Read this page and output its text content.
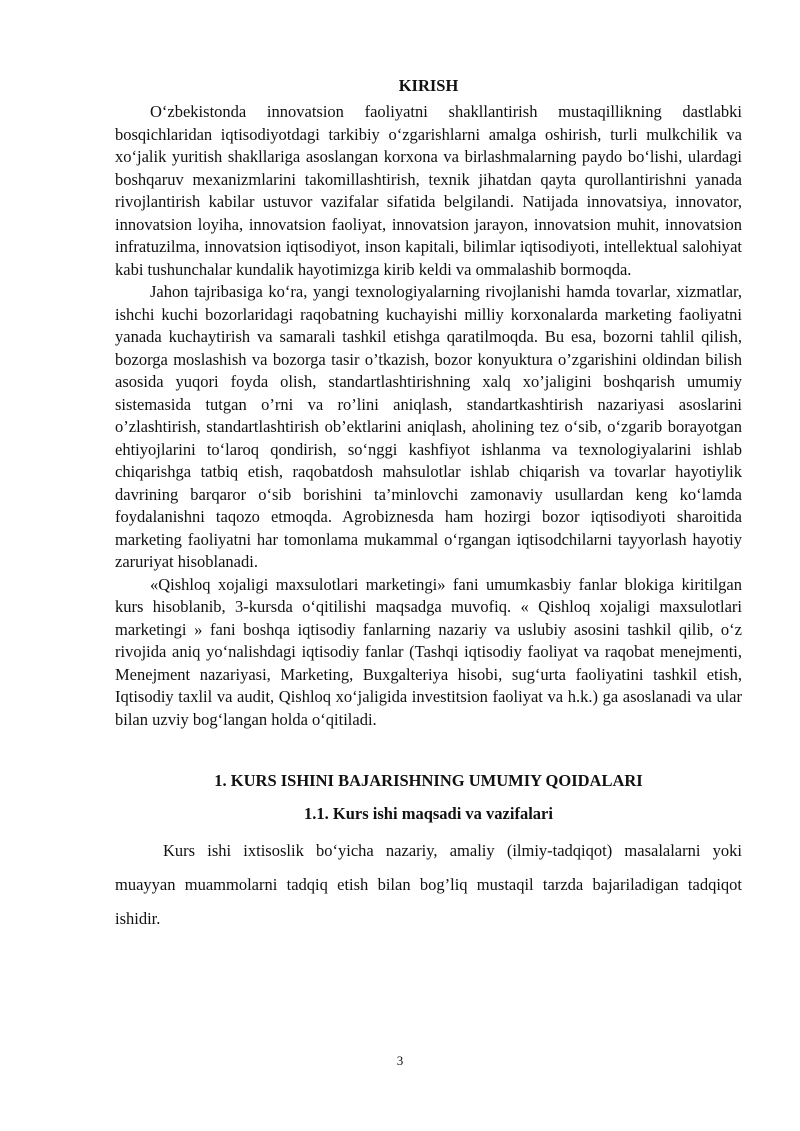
KIRISH

O‘zbekistonda innovatsion faoliyatni shakllantirish mustaqillikning dastlabki bosqichlaridan iqtisodiyotdagi tarkibiy o‘zgarishlarni amalga oshirish, turli mulkchilik va xo‘jalik yuritish shakllariga asoslangan korxona va birlashmalarning paydo bo‘lishi, ulardagi boshqaruv mexanizmlarini takomillashtirish, texnik jihatdan qayta qurollantirishni yanada rivojlantirish kabilar ustuvor vazifalar sifatida belgilandi. Natijada innovatsiya, innovator, innovatsion loyiha, innovatsion faoliyat, innovatsion jarayon, innovatsion muhit, innovatsion infratuzilma, innovatsion iqtisodiyot, inson kapitali, bilimlar iqtisodiyoti, intellektual salohiyat kabi tushunchalar kundalik hayotimizga kirib keldi va ommalashib bormoqda.

Jahon tajribasiga ko‘ra, yangi texnologiyalarning rivojlanishi hamda tovarlar, xizmatlar, ishchi kuchi bozorlaridagi raqobatning kuchayishi milliy korxonalarda marketing faoliyatni yanada kuchaytirish va samarali tashkil etishga qaratilmoqda. Bu esa, bozorni tahlil qilish, bozorga moslashish va bozorga tasir o’tkazish, bozor konyuktura o’zgarishini oldindan bilish asosida yuqori foyda olish, standartlashtirishning xalq xo’jaligini boshqarish umumiy sistemasida tutgan o’rni va ro’lini aniqlash, standartkashtirish nazariyasi asoslarini o’zlashtirish, standartlashtirish ob’ektlarini aniqlash, aholining tez o‘sib, o‘zgarib borayotgan ehtiyojlarini to‘laroq qondirish, so‘nggi kashfiyot ishlanma va texnologiyalarini ishlab chiqarishga tatbiq etish, raqobatdosh mahsulotlar ishlab chiqarish va tovarlar hayotiylik davrining barqaror o‘sib borishini ta’minlovchi zamonaviy usullardan keng ko‘lamda foydalanishni taqozo etmoqda. Agrobiznesda ham hozirgi bozor iqtisodiyoti sharoitida marketing faoliyatni har tomonlama mukammal o‘rgangan iqtisodchilarni tayyorlash hayotiy zaruriyat hisoblanadi.

«Qishloq xojaligi maxsulotlari marketingi» fani umumkasbiy fanlar blokiga kiritilgan kurs hisoblanib, 3-kursda o‘qitilishi maqsadga muvofiq. « Qishloq xojaligi maxsulotlari marketingi » fani boshqa iqtisodiy fanlarning nazariy va uslubiy asosini tashkil qilib, o‘z rivojida aniq yo‘nalishdagi iqtisodiy fanlar (Tashqi iqtisodiy faoliyat va raqobat menejmenti, Menejment nazariyasi, Marketing, Buxgalteriya hisobi, sug‘urta faoliyatini tashkil etish, Iqtisodiy taxlil va audit, Qishloq xo‘jaligida investitsion faoliyat va h.k.) ga asoslanadi va ular bilan uzviy bog‘langan holda o‘qitiladi.

1. KURS ISHINI BAJARISHNING UMUMIY QOIDALARI
1.1. Kurs ishi maqsadi va vazifalari

Kurs ishi ixtisoslik bo‘yicha nazariy, amaliy (ilmiy-tadqiqot) masalalarni yoki muayyan muammolarni tadqiq etish bilan bog’liq mustaqil tarzda bajariladigan tadqiqot ishidir.

3
